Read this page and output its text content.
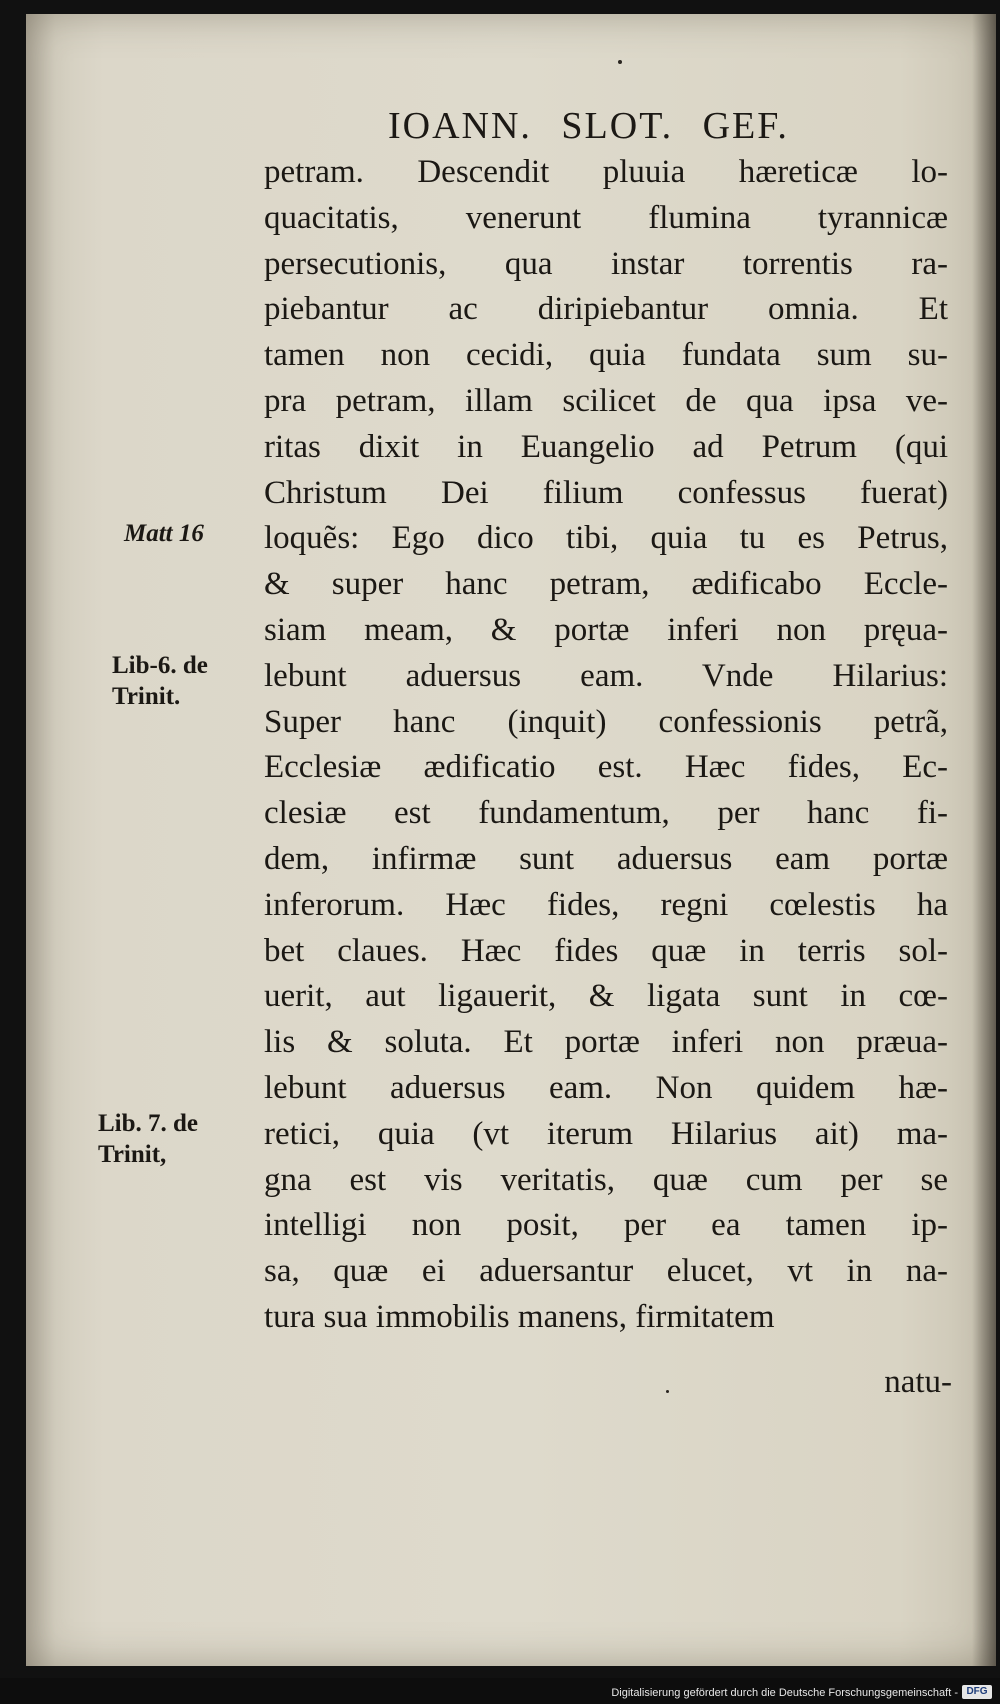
IOANN. SLOT. GEF.
petram. Descendit pluuia hæreticæ lo-
quacitatis, venerunt flumina tyrannicæ
persecutionis, qua instar torrentis ra-
piebantur ac diripiebantur omnia. Et
tamen non cecidi, quia fundata sum su-
pra petram, illam scilicet de qua ipsa ve-
ritas dixit in Euangelio ad Petrum (qui
Christum Dei filium confessus fuerat)
loquẽs: Ego dico tibi, quia tu es Petrus,
& super hanc petram, ædificabo Eccle-
siam meam, & portæ inferi non pręua-
lebunt aduersus eam. Vnde Hilarius:
Super hanc (inquit) confessionis petrã,
Ecclesiæ ædificatio est. Hæc fides, Ec-
clesiæ est fundamentum, per hanc fi-
dem, infirmæ sunt aduersus eam portæ
inferorum. Hæc fides, regni cœlestis ha
bet claues. Hæc fides quæ in terris sol-
uerit, aut ligauerit, & ligata sunt in cœ-
lis & soluta. Et portæ inferi non præua-
lebunt aduersus eam. Non quidem hæ-
retici, quia (vt iterum Hilarius ait) ma-
gna est vis veritatis, quæ cum per se
intelligi non posit, per ea tamen ip-
sa, quæ ei aduersantur elucet, vt in na-
tura sua immobilis manens, firmitatem
Matt 16
Lib-6. de
Trinit.
Lib. 7. de
Trinit,
natu-
Digitalisierung gefördert durch die Deutsche Forschungsgemeinschaft - DFG
